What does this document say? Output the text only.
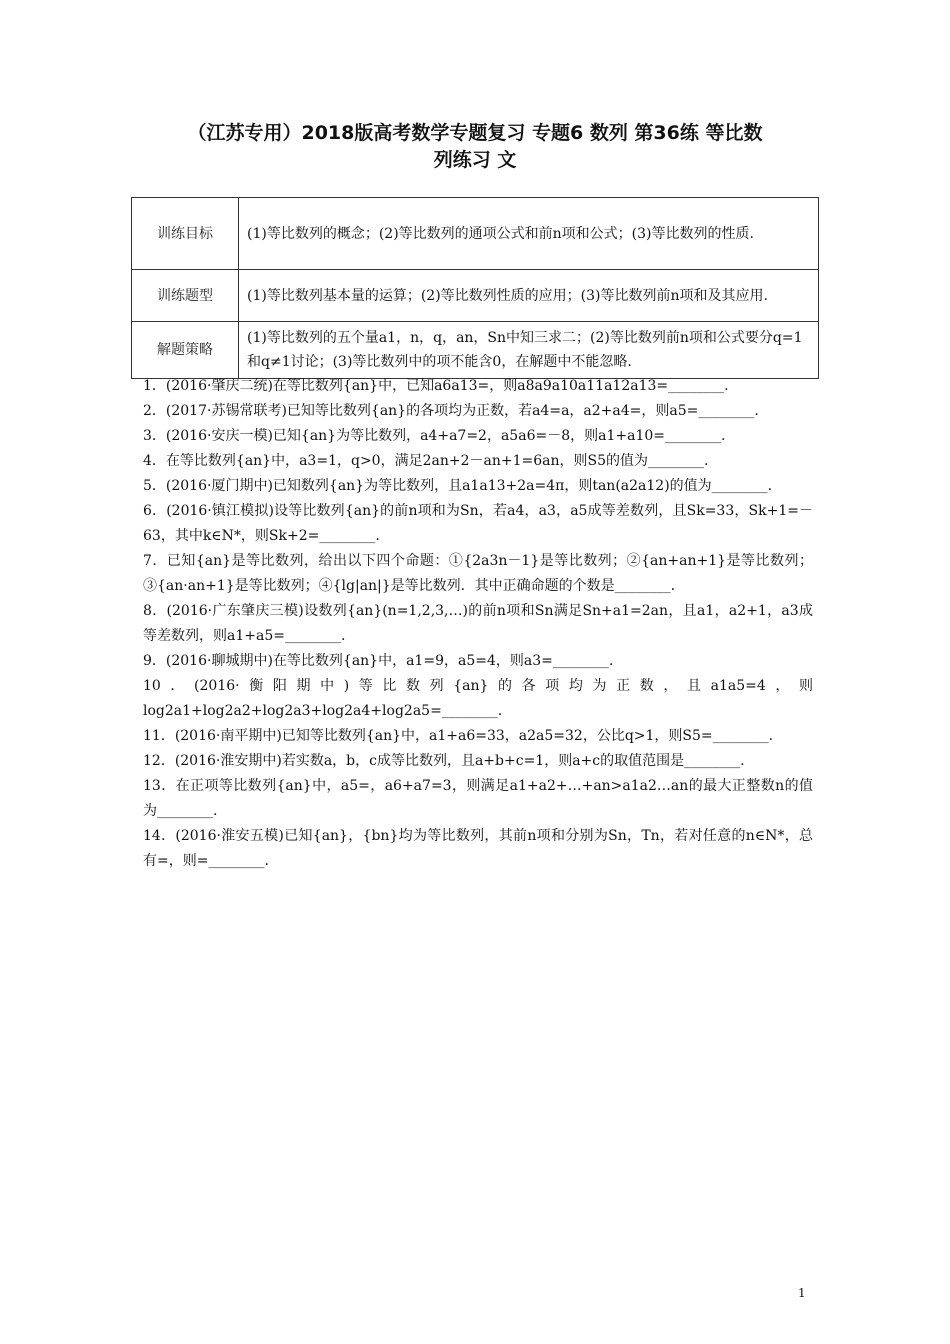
（江苏专用）2018版高考数学专题复习 专题6 数列 第36练 等比数
列练习 文
训练目标	(1)等比数列的概念；(2)等比数列的通项公式和前n项和公式；(3)等比数列的性质.
训练题型	(1)等比数列基本量的运算；(2)等比数列性质的应用；(3)等比数列前n项和及其应用.
解题策略	(1)等比数列的五个量a1，n，q，an，Sn中知三求二；(2)等比数列前n项和公式要分q=1和q≠1讨论；(3)等比数列中的项不能含0，在解题中不能忽略.

1．(2016·肇庆二统)在等比数列{an}中，已知a6a13=，则a8a9a10a11a12a13=________.

2．(2017·苏锡常联考)已知等比数列{an}的各项均为正数，若a4=a，a2+a4=，则a5=________.

3．(2016·安庆一模)已知{an}为等比数列，a4+a7=2，a5a6=－8，则a1+a10=________.

4．在等比数列{an}中，a3=1，q>0，满足2an+2－an+1=6an，则S5的值为________.

5．(2016·厦门期中)已知数列{an}为等比数列，且a1a13+2a=4π，则tan(a2a12)的值为________.

6．(2016·镇江模拟)设等比数列{an}的前n项和为Sn，若a4，a3，a5成等差数列，且Sk=33，Sk+1=－63，其中k∈N*，则Sk+2=________.

7．已知{an}是等比数列，给出以下四个命题：①{2a3n－1}是等比数列；②{an+an+1}是等比数列；③{an·an+1}是等比数列；④{lg|an|}是等比数列．其中正确命题的个数是________.

8．(2016·广东肇庆三模)设数列{an}(n=1,2,3,…)的前n项和Sn满足Sn+a1=2an，且a1，a2+1，a3成等差数列，则a1+a5=________.

9．(2016·聊城期中)在等比数列{an}中，a1=9，a5=4，则a3=________.

10．(2016·衡阳期中)等比数列{an}的各项均为正数，且a1a5=4，则log2a1+log2a2+log2a3+log2a4+log2a5=________.

11．(2016·南平期中)已知等比数列{an}中，a1+a6=33，a2a5=32，公比q>1，则S5=________.

12．(2016·淮安期中)若实数a，b，c成等比数列，且a+b+c=1，则a+c的取值范围是________.

13．在正项等比数列{an}中，a5=，a6+a7=3，则满足a1+a2+…+an>a1a2…an的最大正整数n的值为________.

14．(2016·淮安五模)已知{an}，{bn}均为等比数列，其前n项和分别为Sn，Tn，若对任意的n∈N*，总有=，则=________.

1
